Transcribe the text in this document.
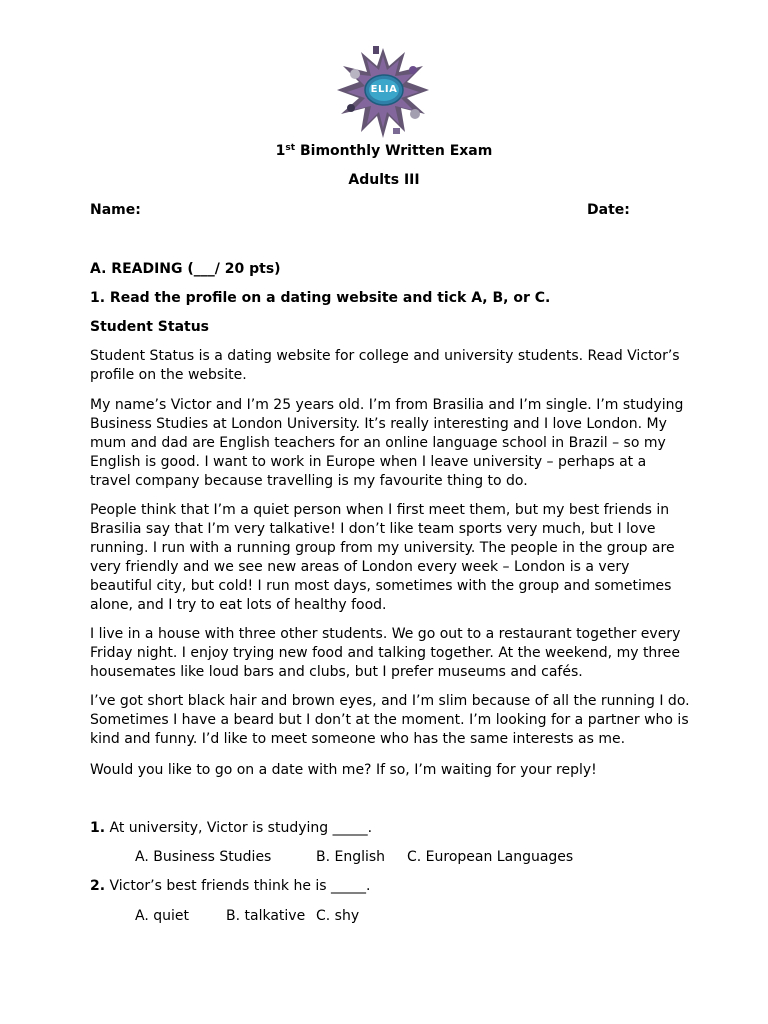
ELIA
1st Bimonthly Written Exam
Adults III
Name:	Date:
A. READING (___/ 20 pts)
1. Read the profile on a dating website and tick A, B, or C.
Student Status

Student Status is a dating website for college and university students. Read Victor’s profile on the website.

My name’s Victor and I’m 25 years old. I’m from Brasilia and I’m single. I’m studying Business Studies at London University. It’s really interesting and I love London. My mum and dad are English teachers for an online language school in Brazil – so my English is good. I want to work in Europe when I leave university – perhaps at a travel company because travelling is my favourite thing to do.

People think that I’m a quiet person when I first meet them, but my best friends in Brasilia say that I’m very talkative! I don’t like team sports very much, but I love running. I run with a running group from my university. The people in the group are very friendly and we see new areas of London every week – London is a very beautiful city, but cold! I run most days, sometimes with the group and sometimes alone, and I try to eat lots of healthy food.

I live in a house with three other students. We go out to a restaurant together every Friday night. I enjoy trying new food and talking together. At the weekend, my three housemates like loud bars and clubs, but I prefer museums and cafés.

I’ve got short black hair and brown eyes, and I’m slim because of all the running I do. Sometimes I have a beard but I don’t at the moment. I’m looking for a partner who is kind and funny. I’d like to meet someone who has the same interests as me.

Would you like to go on a date with me? If so, I’m waiting for your reply!

1. At university, Victor is studying _____.
A. Business Studies	B. English C. European Languages
2. Victor’s best friends think he is _____.
A. quiet	B. talkative C. shy
